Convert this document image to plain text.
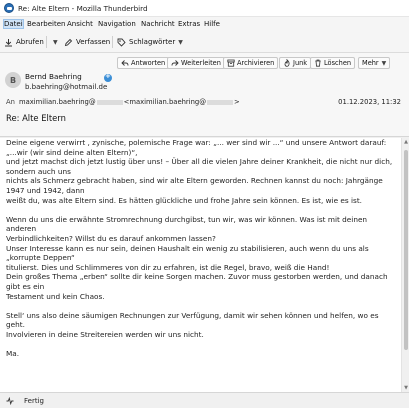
Re: Alte Eltern - Mozilla Thunderbird
Datei Bearbeiten Ansicht Navigation Nachricht Extras Hilfe
Abrufen ▼	Verfassen	Schlagwörter ▼
Antworten Weiterleiten Archivieren	Junk	Löschen Mehr ▼
B	Bernd Baehring
b.baehring@hotmail.de
+
An maximilian.baehring@	<maximilian.baehring@	>	01.12.2023, 11:32
Re: Alte Eltern

Deine eigene verwirrt , zynische, polemische Frage war: „... wer sind wir ...“ und unsere Antwort darauf: „...wir (wir sind deine alten Eltern)“,
und jetzt machst dich jetzt lustig über uns! – Über all die vielen Jahre deiner Krankheit, die nicht nur dich, sondern auch uns
nichts als Schmerz gebracht haben, sind wir alte Eltern geworden. Rechnen kannst du noch: Jahrgänge 1947 und 1942, dann
weißt du, was alte Eltern sind. Es hätten glückliche und frohe Jahre sein können. Es ist, wie es ist.

Wenn du uns die erwähnte Stromrechnung durchgibst, tun wir, was wir können. Was ist mit deinen anderen
Verbindlichkeiten? Willst du es darauf ankommen lassen?
Unser Interesse kann es nur sein, deinen Haushalt ein wenig zu stabilisieren, auch wenn du uns als „korrupte Deppen“
titulierst. Dies und Schlimmeres von dir zu erfahren, ist die Regel, bravo, weiß die Hand!
Dein großes Thema „erben“ sollte dir keine Sorgen machen. Zuvor muss gestorben werden, und danach gibt es ein
Testament und kein Chaos.

Stell‘ uns also deine säumigen Rechnungen zur Verfügung, damit wir sehen können und helfen, wo es geht.
Involvieren in deine Streitereien werden wir uns nicht.

Ma.

▲
▼
Fertig
